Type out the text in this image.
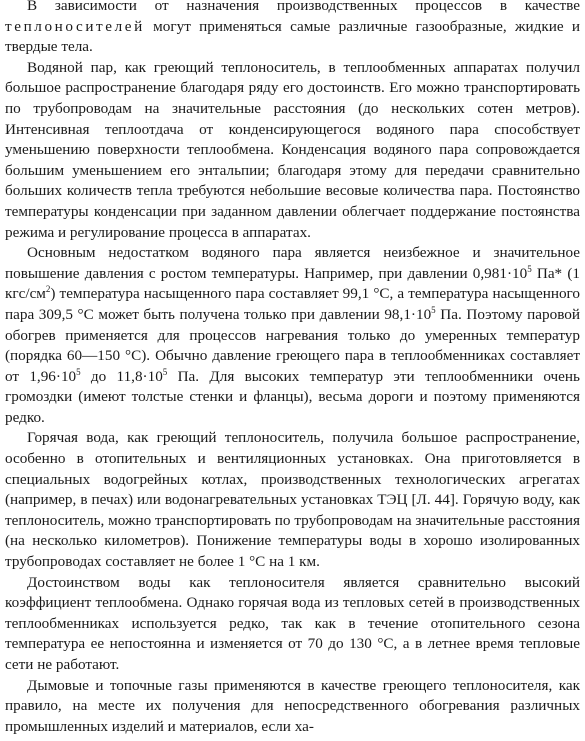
В зависимости от назначения производственных процессов в качестве теплоносителей могут применяться самые различные газообразные, жидкие и твердые тела.

Водяной пар, как греющий теплоноситель, в теплообменных аппаратах получил большое распространение благодаря ряду его достоинств. Его можно транспортировать по трубопроводам на значительные расстояния (до нескольких сотен метров). Интенсивная теплоотдача от конденсирующегося водяного пара способствует уменьшению поверхности теплообмена. Конденсация водяного пара сопровождается большим уменьшением его энтальпии; благодаря этому для передачи сравнительно больших количеств тепла требуются небольшие весовые количества пара. Постоянство температуры конденсации при заданном давлении облегчает поддержание постоянства режима и регулирование процесса в аппаратах.

Основным недостатком водяного пара является неизбежное и значительное повышение давления с ростом температуры. Например, при давлении $0,981\cdot 10^5$ Па* (1 кгс/$см^2$) температура насыщенного пара составляет 99,1 °С, а температура насыщенного пара 309,5 °С может быть получена только при давлении $98,1\cdot 10^5$ Па. Поэтому паровой обогрев применяется для процессов нагревания только до умеренных температур (порядка 60—150 °С). Обычно давление греющего пара в теплообменниках составляет от $1,96\cdot 10^5$ до $11,8\cdot 10^5$ Па. Для высоких температур эти теплообменники очень громоздки (имеют толстые стенки и фланцы), весьма дороги и поэтому применяются редко.

Горячая вода, как греющий теплоноситель, получила большое распространение, особенно в отопительных и вентиляционных установках. Она приготовляется в специальных водогрейных котлах, производственных технологических агрегатах (например, в печах) или водонагревательных установках ТЭЦ [Л. 44]. Горячую воду, как теплоноситель, можно транспортировать по трубопроводам на значительные расстояния (на несколько километров). Понижение температуры воды в хорошо изолированных трубопроводах составляет не более 1 °С на 1 км.

Достоинством воды как теплоносителя является сравнительно высокий коэффициент теплообмена. Однако горячая вода из тепловых сетей в производственных теплообменниках используется редко, так как в течение отопительного сезона температура ее непостоянна и изменяется от 70 до 130 °С, а в летнее время тепловые сети не работают.

Дымовые и топочные газы применяются в качестве греющего теплоносителя, как правило, на месте их получения для непосредственного обогревания различных промышленных изделий и материалов, если ха-
